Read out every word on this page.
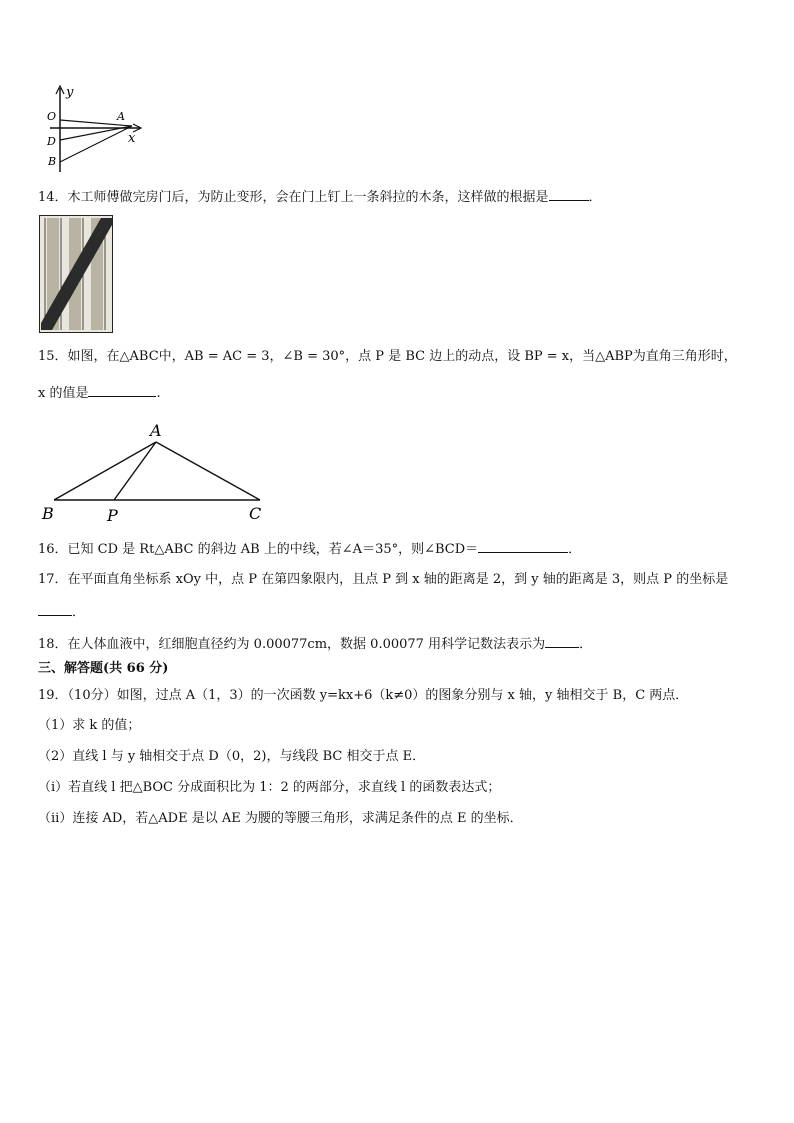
y
x
O	A
D
B
14．木工师傅做完房门后，为防止变形，会在门上钉上一条斜拉的木条，这样做的根据是	．
15．如图，在△ABC中，AB = AC = 3，∠B = 30°，点 P 是 BC 边上的动点，设 BP = x，当△ABP为直角三角形时，
x 的值是	.
A
B	P	C
16．已知 CD 是 Rt△ABC 的斜边 AB 上的中线，若∠A＝35°，则∠BCD＝	．
17．在平面直角坐标系 xOy 中，点 P 在第四象限内，且点 P 到 x 轴的距离是 2，到 y 轴的距离是 3，则点 P 的坐标是
．
18．在人体血液中，红细胞直径约为 0.00077cm，数据 0.00077 用科学记数法表示为	．
三、解答题(共 66 分)
19．（10分）如图，过点 A（1，3）的一次函数 y=kx+6（k≠0）的图象分别与 x 轴，y 轴相交于 B，C 两点．
（1）求 k 的值；
（2）直线 l 与 y 轴相交于点 D（0，2)，与线段 BC 相交于点 E．
（i）若直线 l 把△BOC 分成面积比为 1：2 的两部分，求直线 l 的函数表达式；
（ii）连接 AD，若△ADE 是以 AE 为腰的等腰三角形，求满足条件的点 E 的坐标．
